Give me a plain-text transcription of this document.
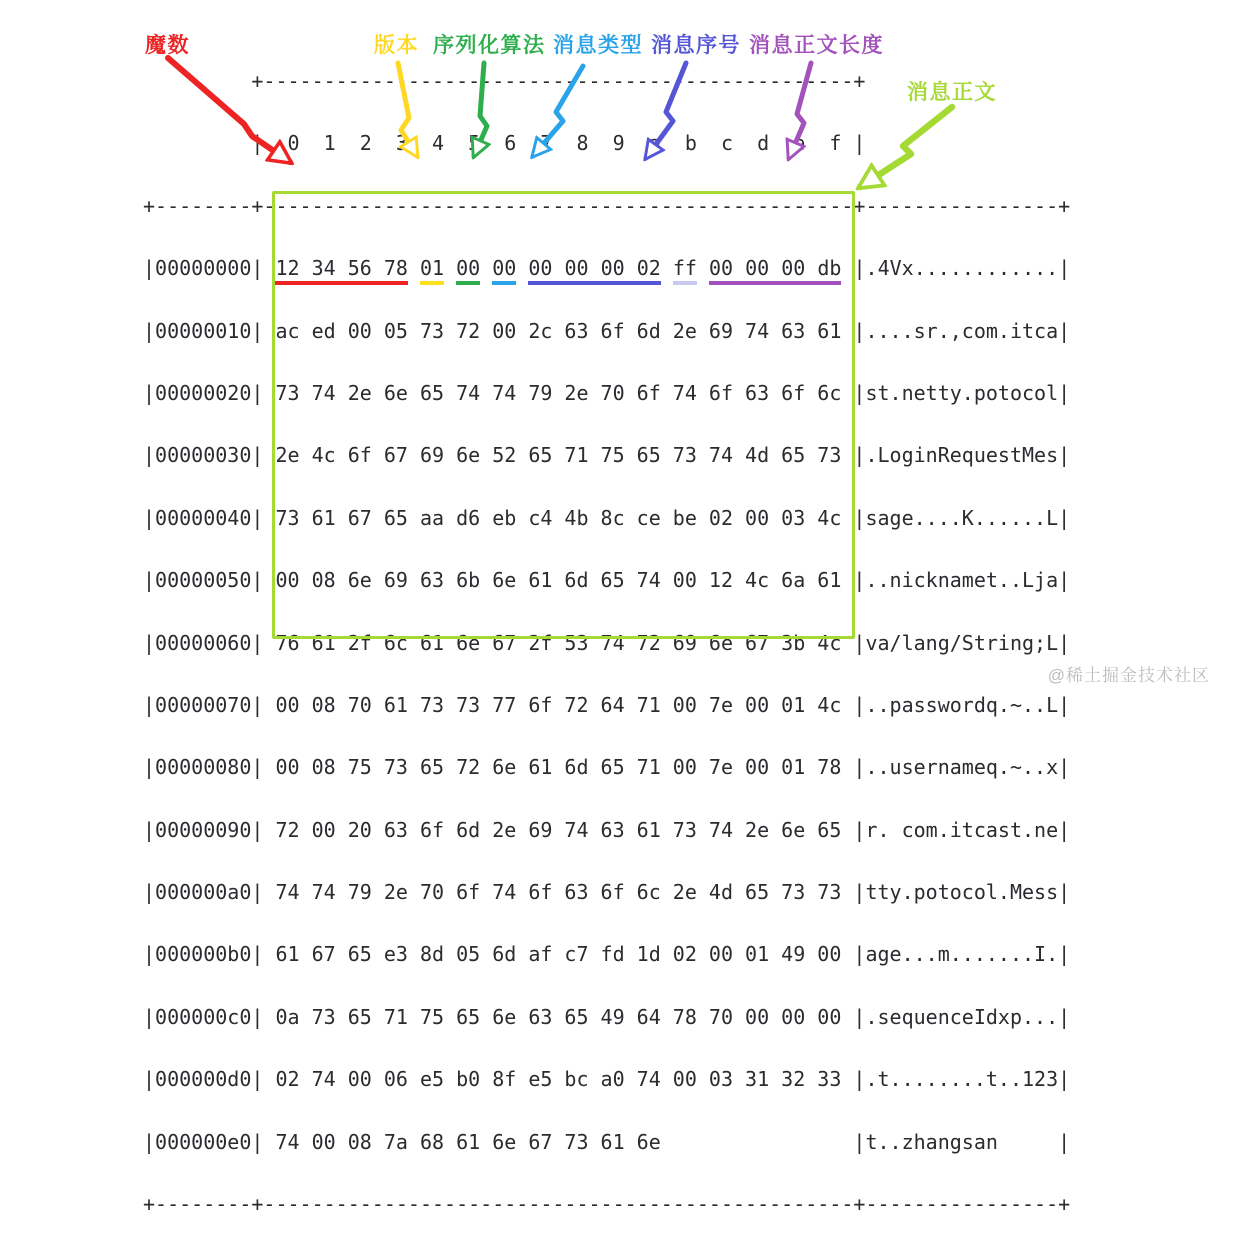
+-------------------------------------------------+

|  0  1  2  3  4  5  6  7  8  9  a  b  c  d  e  f |

+--------+-------------------------------------------------+----------------+

|00000000| 12 34 56 78 01 00 00 00 00 00 02 ff 00 00 00 db |.4Vx............|

|00000010| ac ed 00 05 73 72 00 2c 63 6f 6d 2e 69 74 63 61 |....sr.,com.itca|

|00000020| 73 74 2e 6e 65 74 74 79 2e 70 6f 74 6f 63 6f 6c |st.netty.potocol|

|00000030| 2e 4c 6f 67 69 6e 52 65 71 75 65 73 74 4d 65 73 |.LoginRequestMes|

|00000040| 73 61 67 65 aa d6 eb c4 4b 8c ce be 02 00 03 4c |sage....K......L|

|00000050| 00 08 6e 69 63 6b 6e 61 6d 65 74 00 12 4c 6a 61 |..nicknamet..Lja|

|00000060| 76 61 2f 6c 61 6e 67 2f 53 74 72 69 6e 67 3b 4c |va/lang/String;L|

|00000070| 00 08 70 61 73 73 77 6f 72 64 71 00 7e 00 01 4c |..passwordq.~..L|

|00000080| 00 08 75 73 65 72 6e 61 6d 65 71 00 7e 00 01 78 |..usernameq.~..x|

|00000090| 72 00 20 63 6f 6d 2e 69 74 63 61 73 74 2e 6e 65 |r. com.itcast.ne|

|000000a0| 74 74 79 2e 70 6f 74 6f 63 6f 6c 2e 4d 65 73 73 |tty.potocol.Mess|

|000000b0| 61 67 65 e3 8d 05 6d af c7 fd 1d 02 00 01 49 00 |age...m.......I.|

|000000c0| 0a 73 65 71 75 65 6e 63 65 49 64 78 70 00 00 00 |.sequenceIdxp...|

|000000d0| 02 74 00 06 e5 b0 8f e5 bc a0 74 00 03 31 32 33 |.t........t..123|

|000000e0| 74 00 08 7a 68 61 6e 67 73 61 6e                |t..zhangsan     |

+--------+-------------------------------------------------+----------------+

魔数	版本 序列化算法 消息类型 消息序号 消息正文长度
消息正文
@稀土掘金技术社区
